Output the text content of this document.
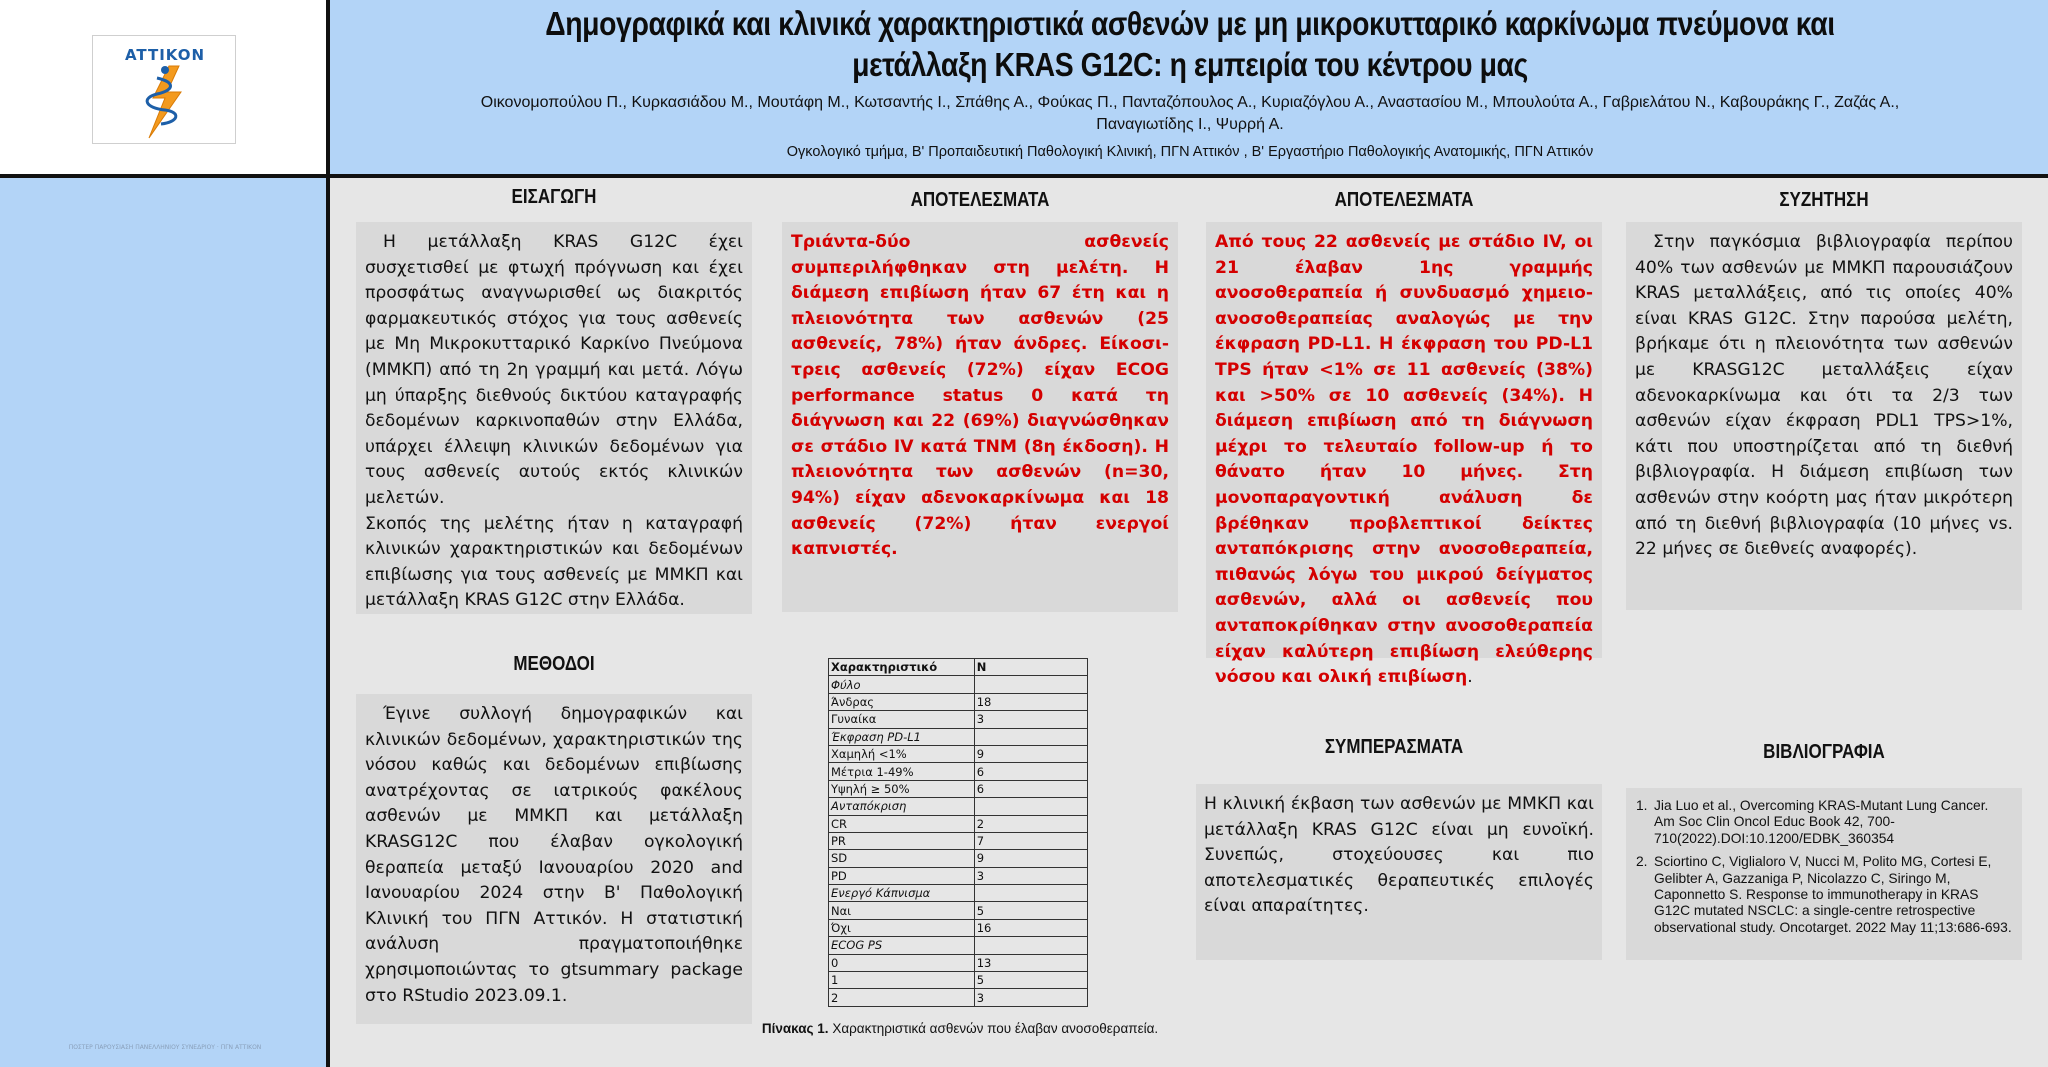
ATTIKON
ΠΟΣΤΕΡ ΠΑΡΟΥΣΙΑΣΗ ΠΑΝΕΛΛΗΝΙΟΥ ΣΥΝΕΔΡΙΟΥ · ΠΓΝ ΑΤΤΙΚΟΝ
Δημογραφικά και κλινικά χαρακτηριστικά ασθενών με μη μικροκυτταρικό καρκίνωμα πνεύμονα και μετάλλαξη KRAS G12C: η εμπειρία του κέντρου μας
Οικονομοπούλου Π., Κυρκασιάδου Μ., Μουτάφη Μ., Κωτσαντής Ι., Σπάθης Α., Φούκας Π., Πανταζόπουλος Α., Κυριαζόγλου Α., Αναστασίου Μ., Μπουλούτα Α., Γαβριελάτου Ν., Καβουράκης Γ., Ζαζάς Α., Παναγιωτίδης Ι., Ψυρρή Α.
Ογκολογικό τμήμα, Β' Προπαιδευτική Παθολογική Κλινική, ΠΓΝ Αττικόν , Β' Εργαστήριο Παθολογικής Ανατομικής, ΠΓΝ Αττικόν
ΕΙΣΑΓΩΓΗ
Η μετάλλαξη KRAS G12C έχει συσχετισθεί με φτωχή πρόγνωση και έχει προσφάτως αναγνωρισθεί ως διακριτός φαρμακευτικός στόχος για τους ασθενείς με Μη Μικροκυτταρικό Καρκίνο Πνεύμονα (ΜΜΚΠ) από τη 2η γραμμή και μετά. Λόγω μη ύπαρξης διεθνούς δικτύου καταγραφής δεδομένων καρκινοπαθών στην Ελλάδα, υπάρχει έλλειψη κλινικών δεδομένων για τους ασθενείς αυτούς εκτός κλινικών μελετών.
Σκοπός της μελέτης ήταν η καταγραφή κλινικών χαρακτηριστικών και δεδομένων επιβίωσης για τους ασθενείς με ΜΜΚΠ και μετάλλαξη KRAS G12C στην Ελλάδα.
ΜΕΘΟΔΟΙ
Έγινε συλλογή δημογραφικών και κλινικών δεδομένων, χαρακτηριστικών της νόσου καθώς και δεδομένων επιβίωσης ανατρέχοντας σε ιατρικούς φακέλους ασθενών με ΜΜΚΠ και μετάλλαξη KRASG12C που έλαβαν ογκολογική θεραπεία μεταξύ Ιανουαρίου 2020 and Ιανουαρίου 2024 στην Β' Παθολογική Κλινική του ΠΓΝ Αττικόν. Η στατιστική ανάλυση πραγματοποιήθηκε χρησιμοποιώντας το gtsummary package στο RStudio 2023.09.1.
ΑΠΟΤΕΛΕΣΜΑΤΑ
Τριάντα-δύο ασθενείς συμπεριλήφθηκαν στη μελέτη. Η διάμεση επιβίωση ήταν 67 έτη και η πλειονότητα των ασθενών (25 ασθενείς, 78%) ήταν άνδρες. Είκοσι-τρεις ασθενείς (72%) είχαν ECOG performance status 0 κατά τη διάγνωση και 22 (69%) διαγνώσθηκαν σε στάδιο IV κατά TNM (8η έκδοση). Η πλειονότητα των ασθενών (n=30, 94%) είχαν αδενοκαρκίνωμα και 18 ασθενείς (72%) ήταν ενεργοί καπνιστές.
Χαρακτηριστικό	N
Φύλο	
Άνδρας	18
Γυναίκα	3
Έκφραση PD-L1	
Χαμηλή <1%	9
Μέτρια 1-49%	6
Υψηλή ≥ 50%	6
Ανταπόκριση	
CR	2
PR	7
SD	9
PD	3
Ενεργό Κάπνισμα	
Ναι	5
Όχι	16
ECOG PS	
0	13
1	5
2	3
Πίνακας 1. Χαρακτηριστικά ασθενών που έλαβαν ανοσοθεραπεία.
ΑΠΟΤΕΛΕΣΜΑΤΑ
Από τους 22 ασθενείς με στάδιο IV, οι 21 έλαβαν 1ης γραμμής ανοσοθεραπεία ή συνδυασμό χημειο-ανοσοθεραπείας αναλογώς με την έκφραση PD-L1. Η έκφραση του PD-L1 TPS ήταν <1% σε 11 ασθενείς (38%) και >50% σε 10 ασθενείς (34%). Η διάμεση επιβίωση από τη διάγνωση μέχρι το τελευταίο follow-up ή το θάνατο ήταν 10 μήνες. Στη μονοπαραγοντική ανάλυση δε βρέθηκαν προβλεπτικοί δείκτες ανταπόκρισης στην ανοσοθεραπεία, πιθανώς λόγω του μικρού δείγματος ασθενών, αλλά οι ασθενείς που ανταποκρίθηκαν στην ανοσοθεραπεία είχαν καλύτερη επιβίωση ελεύθερης νόσου και ολική επιβίωση.
ΣΥΜΠΕΡΑΣΜΑΤΑ
Η κλινική έκβαση των ασθενών με ΜΜΚΠ και μετάλλαξη KRAS G12C είναι μη ευνοϊκή. Συνεπώς, στοχεύουσες και πιο αποτελεσματικές θεραπευτικές επιλογές είναι απαραίτητες.
ΣΥΖΗΤΗΣΗ
Στην παγκόσμια βιβλιογραφία περίπου 40% των ασθενών με ΜΜΚΠ παρουσιάζουν KRAS μεταλλάξεις, από τις οποίες 40% είναι KRAS G12C. Στην παρούσα μελέτη, βρήκαμε ότι η πλειονότητα των ασθενών με KRASG12C μεταλλάξεις είχαν αδενοκαρκίνωμα και ότι τα 2/3 των ασθενών είχαν έκφραση PDL1 TPS>1%, κάτι που υποστηρίζεται από τη διεθνή βιβλιογραφία. Η διάμεση επιβίωση των ασθενών στην κοόρτη μας ήταν μικρότερη από τη διεθνή βιβλιογραφία (10 μήνες vs. 22 μήνες σε διεθνείς αναφορές).
ΒΙΒΛΙΟΓΡΑΦΙΑ
1. Jia Luo et al., Overcoming KRAS-Mutant Lung Cancer. Am Soc Clin Oncol Educ Book 42, 700-710(2022).DOI:10.1200/EDBK_360354
2. Sciortino C, Viglialoro V, Nucci M, Polito MG, Cortesi E, Gelibter A, Gazzaniga P, Nicolazzo C, Siringo M, Caponnetto S. Response to immunotherapy in KRAS G12C mutated NSCLC: a single-centre retrospective observational study. Oncotarget. 2022 May 11;13:686-693.
